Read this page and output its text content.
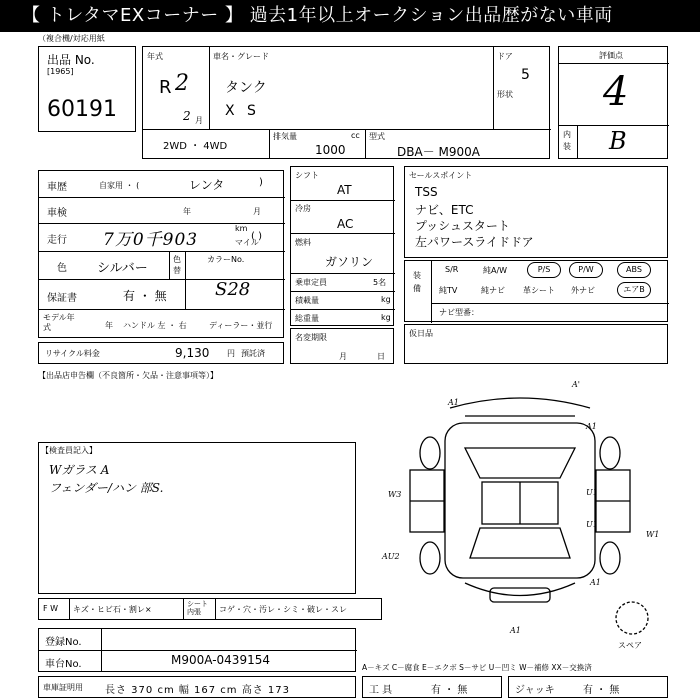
【 トレタマEXコーナー 】 過去1年以上オークション出品歴がない車両
（複合機/対応用紙
出品 No.
[1965]
60191
年式
R 2
2 月
車名・グレード
タンク
X S
ドア
5
形状
2WD ・ 4WD
排気量	cc
1000
型式
DBA－ M900A
評価点
4
内装 B
車歴	自家用 ・ (	レンタ	)
車検	年	月
走行 7万0千903
km
マイル
( )
色 シルバー
色替
カラーNo.
S28
保証書	有 ・ 無
モデル年式	年 ハンドル 左 ・ 右	ディーラー・並行
リサイクル料金	9,130 円 預託済
シフト
AT
冷房
AC
燃料
ガソリン
乗車定員	5名
積載量	kg
総重量	kg
名変期限
月	日
セールスポイント
TSS
ナビ、ETC
プッシュスタート
左パワースライドドア
装備
S/R	純A/W	P/S	P/W	ABS
純TV	純ナビ 革シート 外ナビ	エアB
ナビ型番：
仮日品
【出品店申告欄（不良箇所・欠品・注意事項等）】
【検査員記入】
Wガラス A
フェンダー/ハン 部S.
A1
A'
A1
W3	U1
U1
W1
AU2
A1
A1
スペア
F W キズ・ヒビ石・割レ×
シート内張	コゲ・穴・汚レ・シミ・破レ・スレ
登録No.
車台No.	M900A-0439154
A－キズ C－腐食 E－エクボ S－サビ U－凹ミ W－補修 XX－交換済
車庫証明用 長さ 370 cm 幅 167 cm 高さ 173	工 具	有 ・ 無	ジャッキ	有 ・ 無
